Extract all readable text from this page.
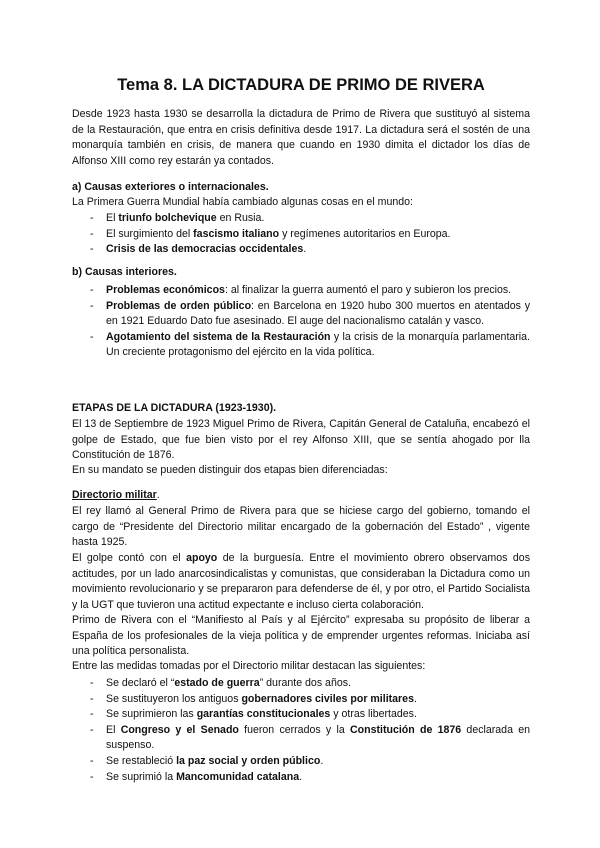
Tema 8. LA DICTADURA DE PRIMO DE RIVERA
Desde 1923 hasta 1930 se desarrolla la dictadura de Primo de Rivera que sustituyó al sistema de la Restauración, que entra en crisis definitiva desde 1917. La dictadura será el sostén de una monarquía también en crisis, de manera que cuando en 1930 dimita el dictador los días de Alfonso XIII como rey estarán ya contados.
a) Causas exteriores o internacionales.
La Primera Guerra Mundial había cambiado algunas cosas en el mundo:
- El triunfo bolchevique en Rusia.
- El surgimiento del fascismo italiano y regímenes autoritarios en Europa.
- Crisis de las democracias occidentales.
b) Causas interiores.
- Problemas económicos: al finalizar la guerra aumentó el paro y subieron los precios.
- Problemas de orden público: en Barcelona en 1920 hubo 300 muertos en atentados y en 1921 Eduardo Dato fue asesinado. El auge del nacionalismo catalán y vasco.
- Agotamiento del sistema de la Restauración y la crisis de la monarquía parlamentaria. Un creciente protagonismo del ejército en la vida política.
ETAPAS DE LA DICTADURA (1923-1930).
El 13 de Septiembre de 1923 Miguel Primo de Rivera, Capitán General de Cataluña, encabezó el golpe de Estado, que fue bien visto por el rey Alfonso XIII, que se sentía ahogado por lla Constitución de 1876.
En su mandato se pueden distinguir dos etapas bien diferenciadas:
Directorio militar.
El rey llamó al General Primo de Rivera para que se hiciese cargo del gobierno, tomando el cargo de “Presidente del Directorio militar encargado de la gobernación del Estado” , vigente hasta 1925.
El golpe contó con el apoyo de la burguesía. Entre el movimiento obrero observamos dos actitudes, por un lado anarcosindicalistas y comunistas, que consideraban la Dictadura como un movimiento revolucionario y se prepararon para defenderse de él, y por otro, el Partido Socialista y la UGT que tuvieron una actitud expectante e incluso cierta colaboración.
Primo de Rivera con el “Manifiesto al País y al Ejército” expresaba su propósito de liberar a España de los profesionales de la vieja política y de emprender urgentes reformas. Iniciaba así una política personalista.
Entre las medidas tomadas por el Directorio militar destacan las siguientes:
- Se declaró el “estado de guerra” durante dos años.
- Se sustituyeron los antiguos gobernadores civiles por militares.
- Se suprimieron las garantías constitucionales y otras libertades.
- El Congreso y el Senado fueron cerrados y la Constitución de 1876 declarada en suspenso.
- Se restableció la paz social y orden público.
- Se suprimió la Mancomunidad catalana.
